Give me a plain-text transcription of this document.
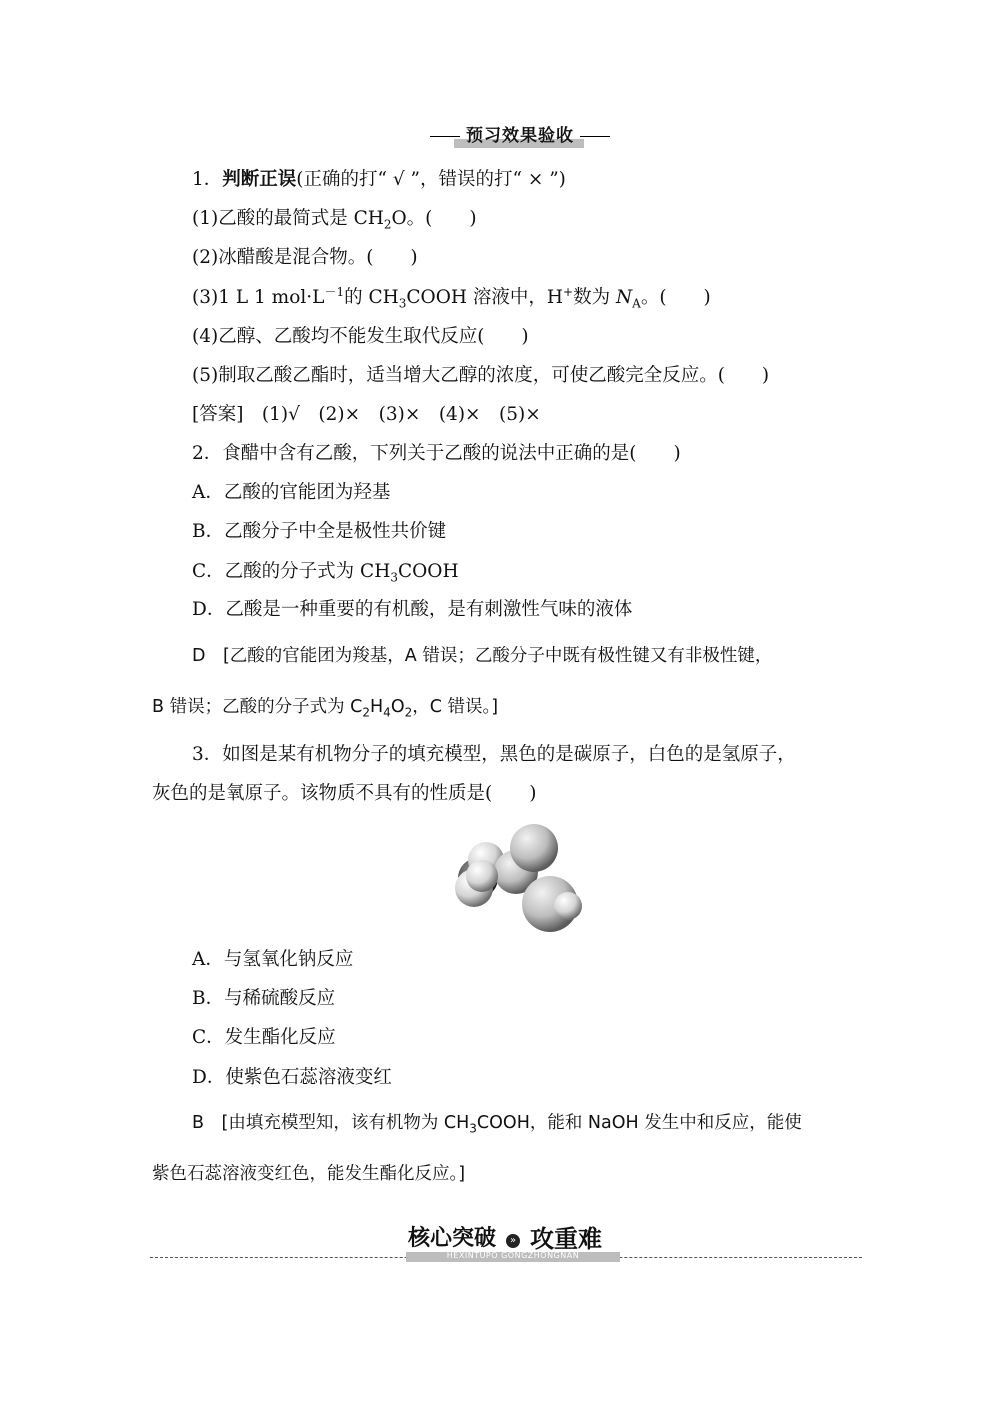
预习效果验收
1．判断正误(正确的打“ √ ”，错误的打“ × ”)
(1)乙酸的最简式是 $CH_2O$。(　　)
(2)冰醋酸是混合物。(　　)
(3)1 L 1 $mol\cdot L^{-1}$的 $CH_3COOH$ 溶液中，H+数为 $N_A$。(　　)
(4)乙醇、乙酸均不能发生取代反应(　　)
(5)制取乙酸乙酯时，适当增大乙醇的浓度，可使乙酸完全反应。(　　)
[答案]　(1)√　(2)×　(3)×　(4)×　(5)×
2．食醋中含有乙酸，下列关于乙酸的说法中正确的是(　　)
A．乙酸的官能团为羟基
B．乙酸分子中全是极性共价键
C．乙酸的分子式为 $CH_3COOH$
D．乙酸是一种重要的有机酸，是有刺激性气味的液体
D　[乙酸的官能团为羧基，A 错误；乙酸分子中既有极性键又有非极性键，
B 错误；乙酸的分子式为 $C_2H_4O_2$，C 错误。]
3．如图是某有机物分子的填充模型，黑色的是碳原子，白色的是氢原子，
灰色的是氧原子。该物质不具有的性质是(　　)
A．与氢氧化钠反应
B．与稀硫酸反应
C．发生酯化反应
D．使紫色石蕊溶液变红
B　[由填充模型知，该有机物为 $CH_3COOH$，能和 NaOH 发生中和反应，能使
紫色石蕊溶液变红色，能发生酯化反应。]
HEXINTUPO GONGZHONGNAN
核心突破	» 攻重难
